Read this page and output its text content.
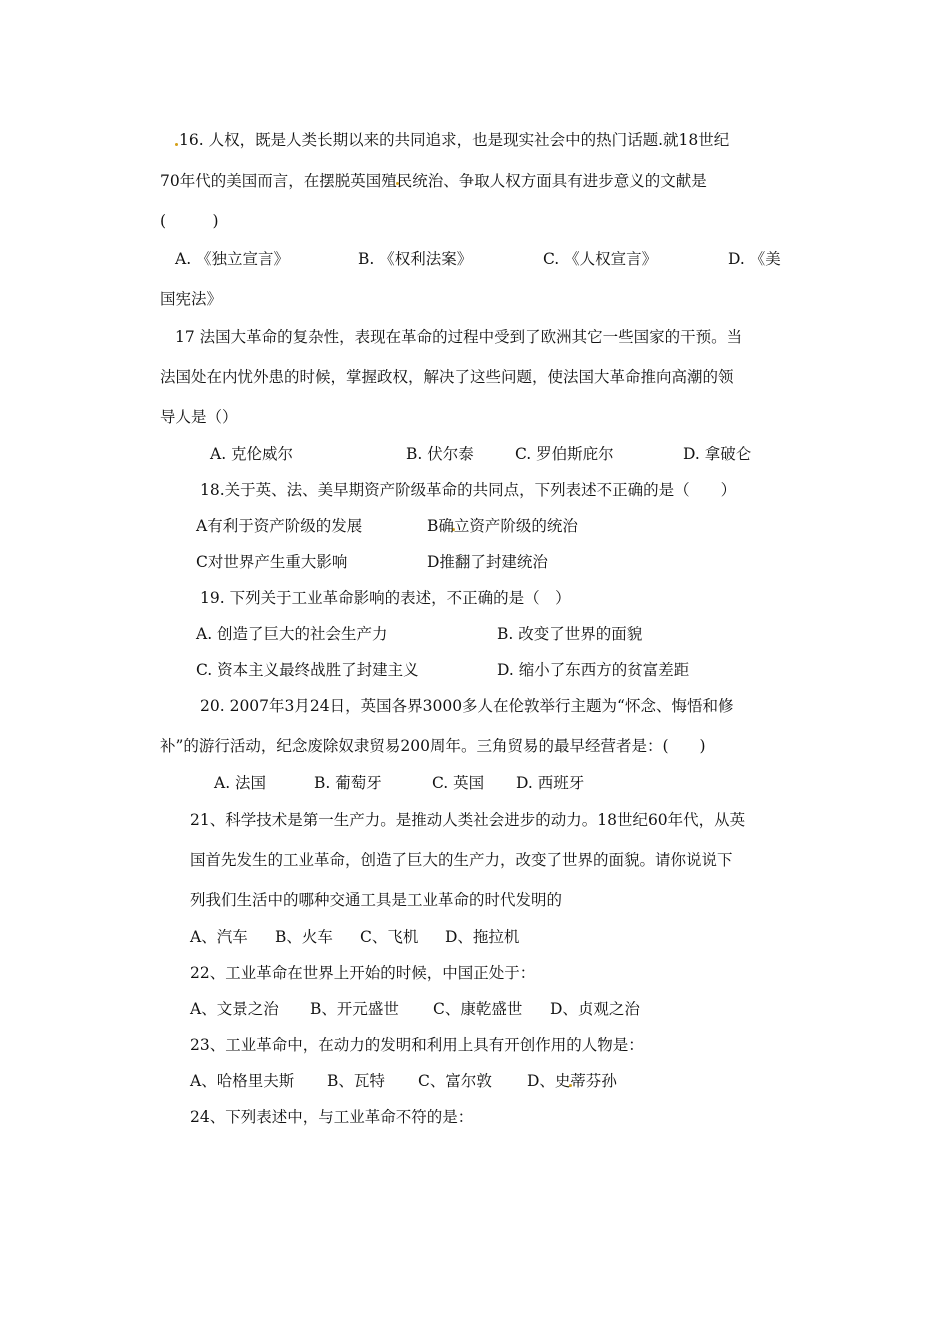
16. 人权，既是人类长期以来的共同追求，也是现实社会中的热门话题.就18世纪
70年代的美国而言，在摆脱英国殖民统治、争取人权方面具有进步意义的文献是
(　　　)
A. 《独立宣言》	B. 《权利法案》	C. 《人权宣言》	D. 《美
国宪法》
17 法国大革命的复杂性，表现在革命的过程中受到了欧洲其它一些国家的干预。当
法国处在内忧外患的时候，掌握政权，解决了这些问题，使法国大革命推向高潮的领
导人是（）
A. 克伦威尔	B. 伏尔泰	C. 罗伯斯庇尔	D. 拿破仑
18.关于英、法、美早期资产阶级革命的共同点，下列表述不正确的是（　　）
A有利于资产阶级的发展	B确立资产阶级的统治
C对世界产生重大影响	D推翻了封建统治
19. 下列关于工业革命影响的表述，不正确的是（　）
A. 创造了巨大的社会生产力	B. 改变了世界的面貌
C. 资本主义最终战胜了封建主义	D. 缩小了东西方的贫富差距
20. 2007年3月24日，英国各界3000多人在伦敦举行主题为“怀念、悔悟和修
补”的游行活动，纪念废除奴隶贸易200周年。三角贸易的最早经营者是：(　　)
A. 法国	B. 葡萄牙	C. 英国 D. 西班牙
21、科学技术是第一生产力。是推动人类社会进步的动力。18世纪60年代，从英
国首先发生的工业革命，创造了巨大的生产力，改变了世界的面貌。请你说说下
列我们生活中的哪种交通工具是工业革命的时代发明的
A、汽车 B、火车 C、飞机 D、拖拉机
22、工业革命在世界上开始的时候，中国正处于：
A、文景之治 B、开元盛世 C、康乾盛世 D、贞观之治
23、工业革命中，在动力的发明和利用上具有开创作用的人物是：
A、哈格里夫斯 B、瓦特 C、富尔敦 D、史蒂芬孙
24、下列表述中，与工业革命不符的是：
